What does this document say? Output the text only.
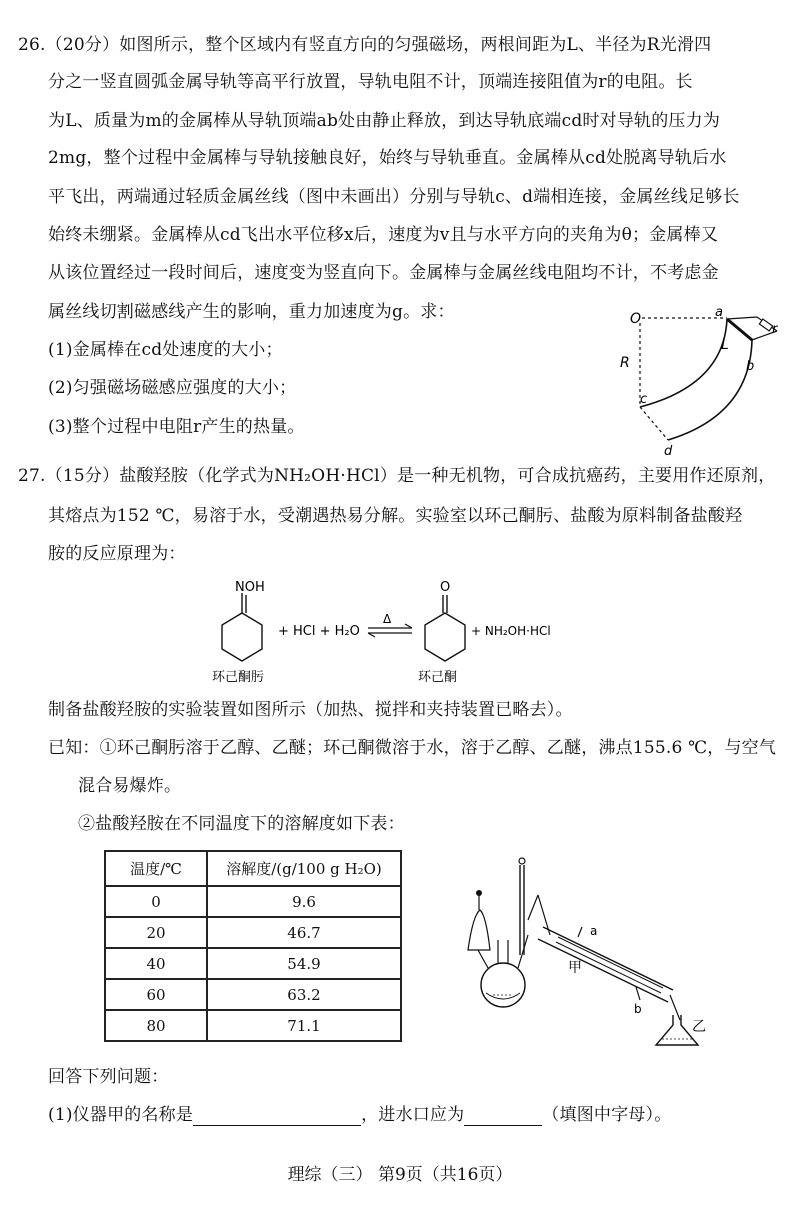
26.（20分）如图所示，整个区域内有竖直方向的匀强磁场，两根间距为L、半径为R光滑四
分之一竖直圆弧金属导轨等高平行放置，导轨电阻不计，顶端连接阻值为r的电阻。长
为L、质量为m的金属棒从导轨顶端ab处由静止释放，到达导轨底端cd时对导轨的压力为
2mg，整个过程中金属棒与导轨接触良好，始终与导轨垂直。金属棒从cd处脱离导轨后水
平飞出，两端通过轻质金属丝线（图中未画出）分别与导轨c、d端相连接，金属丝线足够长
始终未绷紧。金属棒从cd飞出水平位移x后，速度为v且与水平方向的夹角为θ；金属棒又
从该位置经过一段时间后，速度变为竖直向下。金属棒与金属丝线电阻均不计，不考虑金
属丝线切割磁感线产生的影响，重力加速度为g。求：
(1)金属棒在cd处速度的大小；
(2)匀强磁场磁感应强度的大小；
(3)整个过程中电阻r产生的热量。
O	a
r
L
R	b
c
d
27.（15分）盐酸羟胺（化学式为NH₂OH·HCl）是一种无机物，可合成抗癌药，主要用作还原剂，
其熔点为152 ℃，易溶于水，受潮遇热易分解。实验室以环己酮肟、盐酸为原料制备盐酸羟
胺的反应原理为：
NOH
+ HCl + H₂O
Δ
O
+ NH₂OH·HCl
环己酮肟	环己酮
制备盐酸羟胺的实验装置如图所示（加热、搅拌和夹持装置已略去）。
已知：①环己酮肟溶于乙醇、乙醚；环己酮微溶于水，溶于乙醇、乙醚，沸点155.6 ℃，与空气
混合易爆炸。
②盐酸羟胺在不同温度下的溶解度如下表：
温度/℃	溶解度/(g/100 g H₂O)
0	9.6
20	46.7
40	54.9
60	63.2
80	71.1
a
甲
b
乙
回答下列问题：
(1)仪器甲的名称是	，进水口应为	（填图中字母）。
理综（三） 第9页（共16页）
